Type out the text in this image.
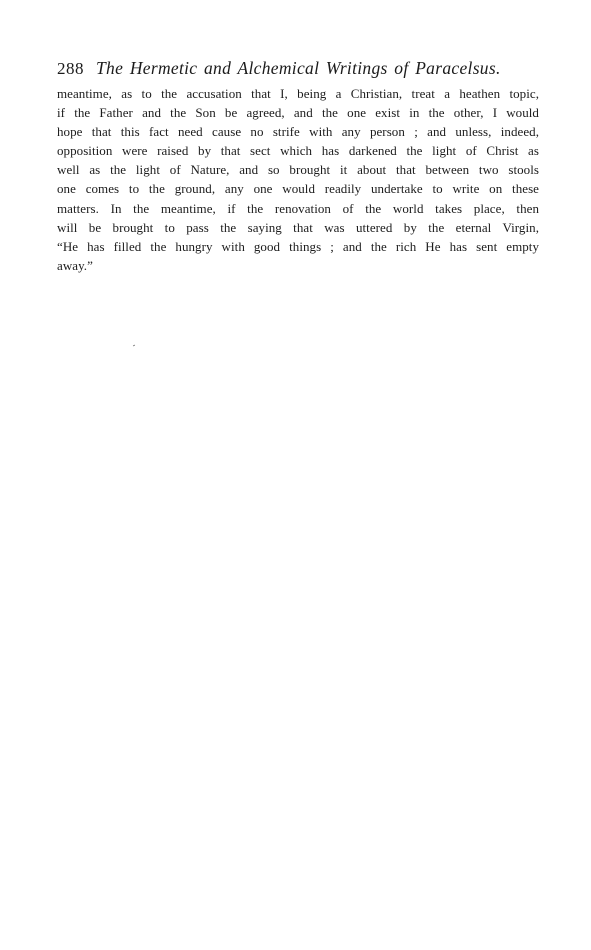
288 The Hermetic and Alchemical Writings of Paracelsus.
meantime, as to the accusation that I, being a Christian, treat a heathen topic,
if the Father and the Son be agreed, and the one exist in the other, I would
hope that this fact need cause no strife with any person ; and unless, indeed,
opposition were raised by that sect which has darkened the light of Christ as
well as the light of Nature, and so brought it about that between two stools
one comes to the ground, any one would readily undertake to write on these
matters. In the meantime, if the renovation of the world takes place, then
will be brought to pass the saying that was uttered by the eternal Virgin,
“He has filled the hungry with good things ; and the rich He has sent empty
away.”
